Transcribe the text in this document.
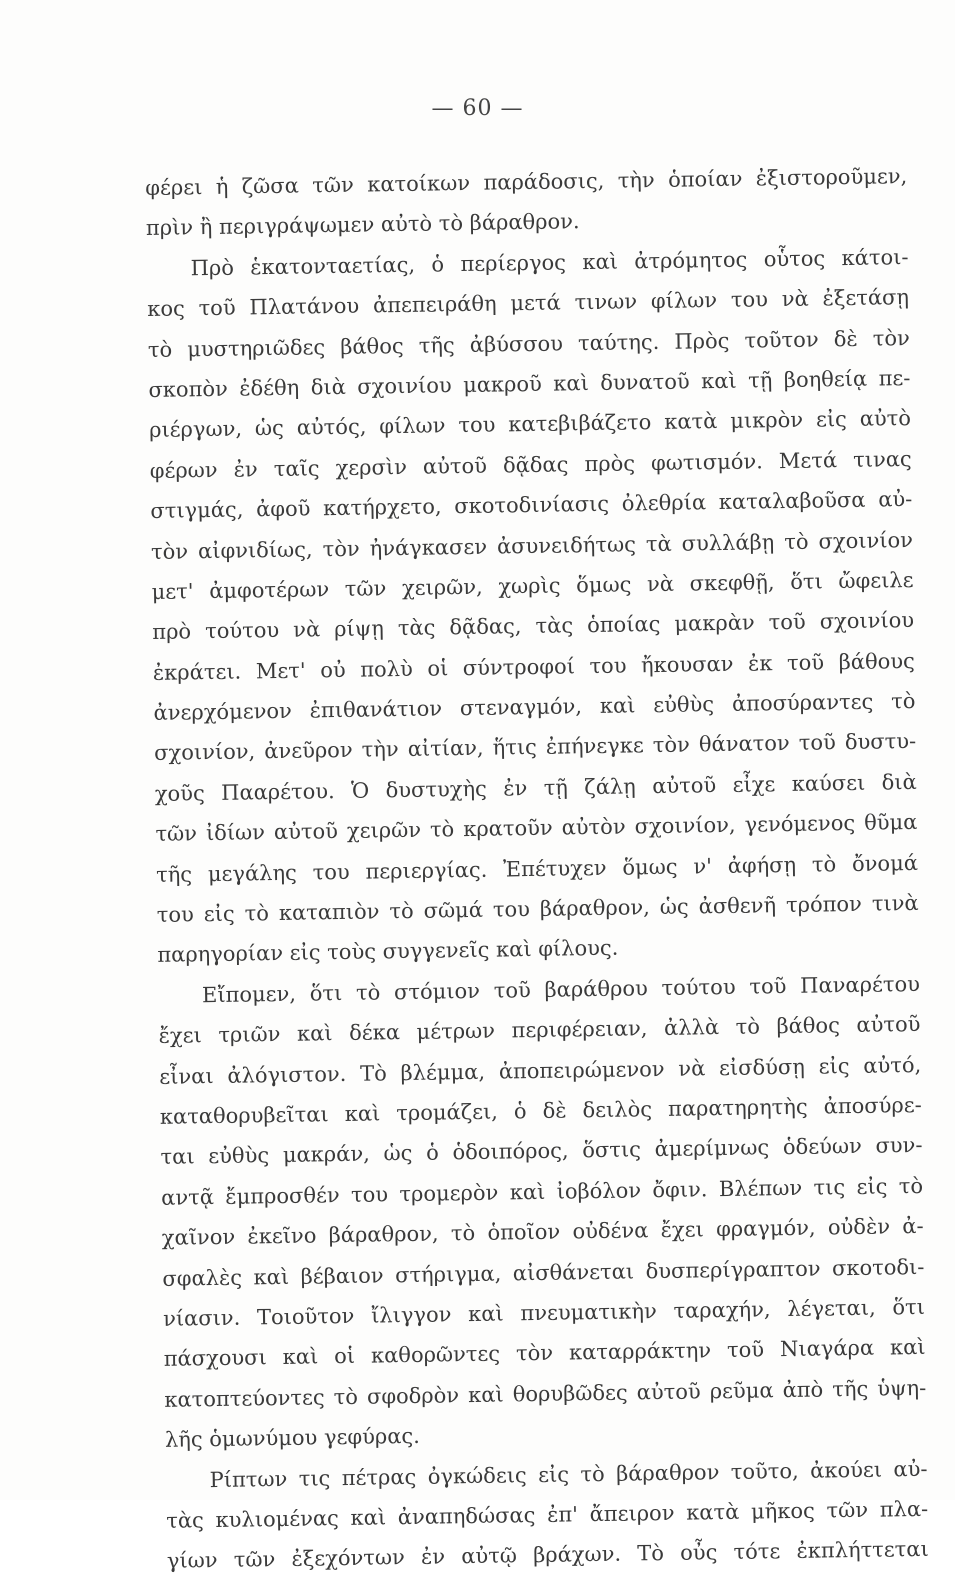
— 60 —
φέρει ἡ ζῶσα τῶν κατοίκων παράδοσις, τὴν ὁποίαν ἐξιστοροῦμεν,
πρὶν ἢ περιγράψωμεν αὐτὸ τὸ βάραθρον.
Πρὸ ἑκατονταετίας, ὁ περίεργος καὶ ἀτρόμητος οὗτος κάτοι-
κος τοῦ Πλατάνου ἀπεπειράθη μετά τινων φίλων του νὰ ἐξετάσῃ
τὸ μυστηριῶδες βάθος τῆς ἀβύσσου ταύτης. Πρὸς τοῦτον δὲ τὸν
σκοπὸν ἐδέθη διὰ σχοινίου μακροῦ καὶ δυνατοῦ καὶ τῇ βοηθείᾳ πε-
ριέργων, ὡς αὐτός, φίλων του κατεβιβάζετο κατὰ μικρὸν εἰς αὐτὸ
φέρων ἐν ταῖς χερσὶν αὐτοῦ δᾷδας πρὸς φωτισμόν. Μετά τινας
στιγμάς, ἀφοῦ κατήρχετο, σκοτοδινίασις ὀλεθρία καταλαβοῦσα αὐ-
τὸν αἰφνιδίως, τὸν ἠνάγκασεν ἀσυνειδήτως τὰ συλλάβῃ τὸ σχοινίον
μετ' ἀμφοτέρων τῶν χειρῶν, χωρὶς ὅμως νὰ σκεφθῇ, ὅτι ὤφειλε
πρὸ τούτου νὰ ρίψῃ τὰς δᾷδας, τὰς ὁποίας μακρὰν τοῦ σχοινίου
ἐκράτει. Μετ' οὐ πολὺ οἱ σύντροφοί του ἤκουσαν ἐκ τοῦ βάθους
ἀνερχόμενον ἐπιθανάτιον στεναγμόν, καὶ εὐθὺς ἀποσύραντες τὸ
σχοινίον, ἀνεῦρον τὴν αἰτίαν, ἥτις ἐπήνεγκε τὸν θάνατον τοῦ δυστυ-
χοῦς Πααρέτου. Ὁ δυστυχὴς ἐν τῇ ζάλῃ αὐτοῦ εἶχε καύσει διὰ
τῶν ἰδίων αὐτοῦ χειρῶν τὸ κρατοῦν αὐτὸν σχοινίον, γενόμενος θῦμα
τῆς μεγάλης του περιεργίας. Ἐπέτυχεν ὅμως ν' ἀφήσῃ τὸ ὄνομά
του εἰς τὸ καταπιὸν τὸ σῶμά του βάραθρον, ὡς ἀσθενῆ τρόπον τινὰ
παρηγορίαν εἰς τοὺς συγγενεῖς καὶ φίλους.
Εἴπομεν, ὅτι τὸ στόμιον τοῦ βαράθρου τούτου τοῦ Παναρέτου
ἔχει τριῶν καὶ δέκα μέτρων περιφέρειαν, ἀλλὰ τὸ βάθος αὐτοῦ
εἶναι ἀλόγιστον. Τὸ βλέμμα, ἀποπειρώμενον νὰ εἰσδύσῃ εἰς αὐτό,
καταθορυβεῖται καὶ τρομάζει, ὁ δὲ δειλὸς παρατηρητὴς ἀποσύρε-
ται εὐθὺς μακράν, ὡς ὁ ὁδοιπόρος, ὅστις ἀμερίμνως ὁδεύων συν-
αντᾷ ἔμπροσθέν του τρομερὸν καὶ ἰοβόλον ὄφιν. Βλέπων τις εἰς τὸ
χαῖνον ἐκεῖνο βάραθρον, τὸ ὁποῖον οὐδένα ἔχει φραγμόν, οὐδὲν ἀ-
σφαλὲς καὶ βέβαιον στήριγμα, αἰσθάνεται δυσπερίγραπτον σκοτοδι-
νίασιν. Τοιοῦτον ἴλιγγον καὶ πνευματικὴν ταραχήν, λέγεται, ὅτι
πάσχουσι καὶ οἱ καθορῶντες τὸν καταρράκτην τοῦ Νιαγάρα καὶ
κατοπτεύοντες τὸ σφοδρὸν καὶ θορυβῶδες αὐτοῦ ρεῦμα ἀπὸ τῆς ὑψη-
λῆς ὁμωνύμου γεφύρας.
Ρίπτων τις πέτρας ὀγκώδεις εἰς τὸ βάραθρον τοῦτο, ἀκούει αὐ-
τὰς κυλιομένας καὶ ἀναπηδώσας ἐπ' ἄπειρον κατὰ μῆκος τῶν πλα-
γίων τῶν ἐξεχόντων ἐν αὐτῷ βράχων. Τὸ οὖς τότε ἐκπλήττεται
